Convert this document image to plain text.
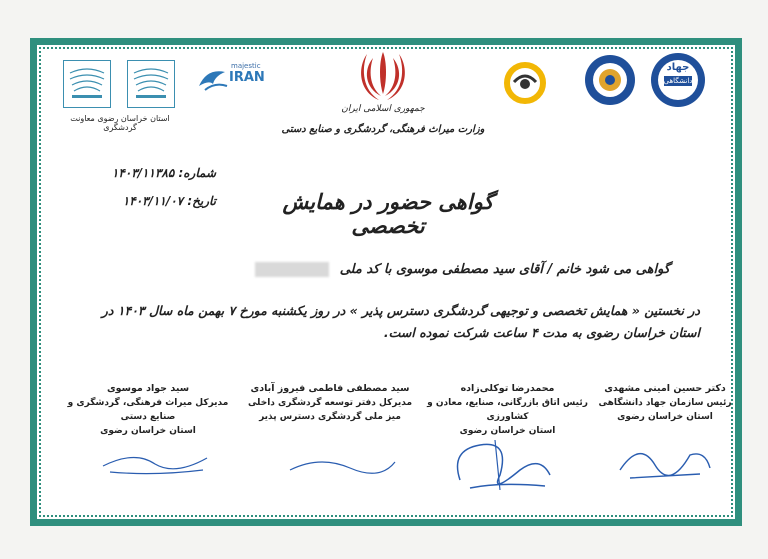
استان خراسان رضوی معاونت گردشگری
majestic
IRAN
جمهوری اسلامی ایران
وزارت میراث فرهنگی، گردشگری و صنایع دستی
جهاد
دانشگاهی
شماره: ۱۴۰۳/۱۱۳۸۵
تاریخ: ۱۴۰۳/۱۱/۰۷	گواهی حضور در همایش تخصصی
گواهی می شود خانم / آقای سید مصطفی موسوی با کد ملی ********
در نخستین « همایش تخصصی و توجیهی گردشگری دسترس پذیر » در روز یکشنبه مورخ ۷ بهمن ماه سال ۱۴۰۳ در استان خراسان رضوی به مدت ۴ ساعت شرکت نموده است.
دکتر حسین امینی مشهدی
رئیس سازمان جهاد دانشگاهی
استان خراسان رضوی
محمدرضا توکلی‌زاده
رئیس اتاق بازرگانی، صنایع، معادن و کشاورزی
استان خراسان رضوی
سید مصطفی فاطمی فیروز آبادی
مدیرکل دفتر توسعه گردشگری داخلی
میز ملی گردشگری دسترس پذیر
سید جواد موسوی
مدیرکل میراث فرهنگی، گردشگری و صنایع دستی
استان خراسان رضوی
